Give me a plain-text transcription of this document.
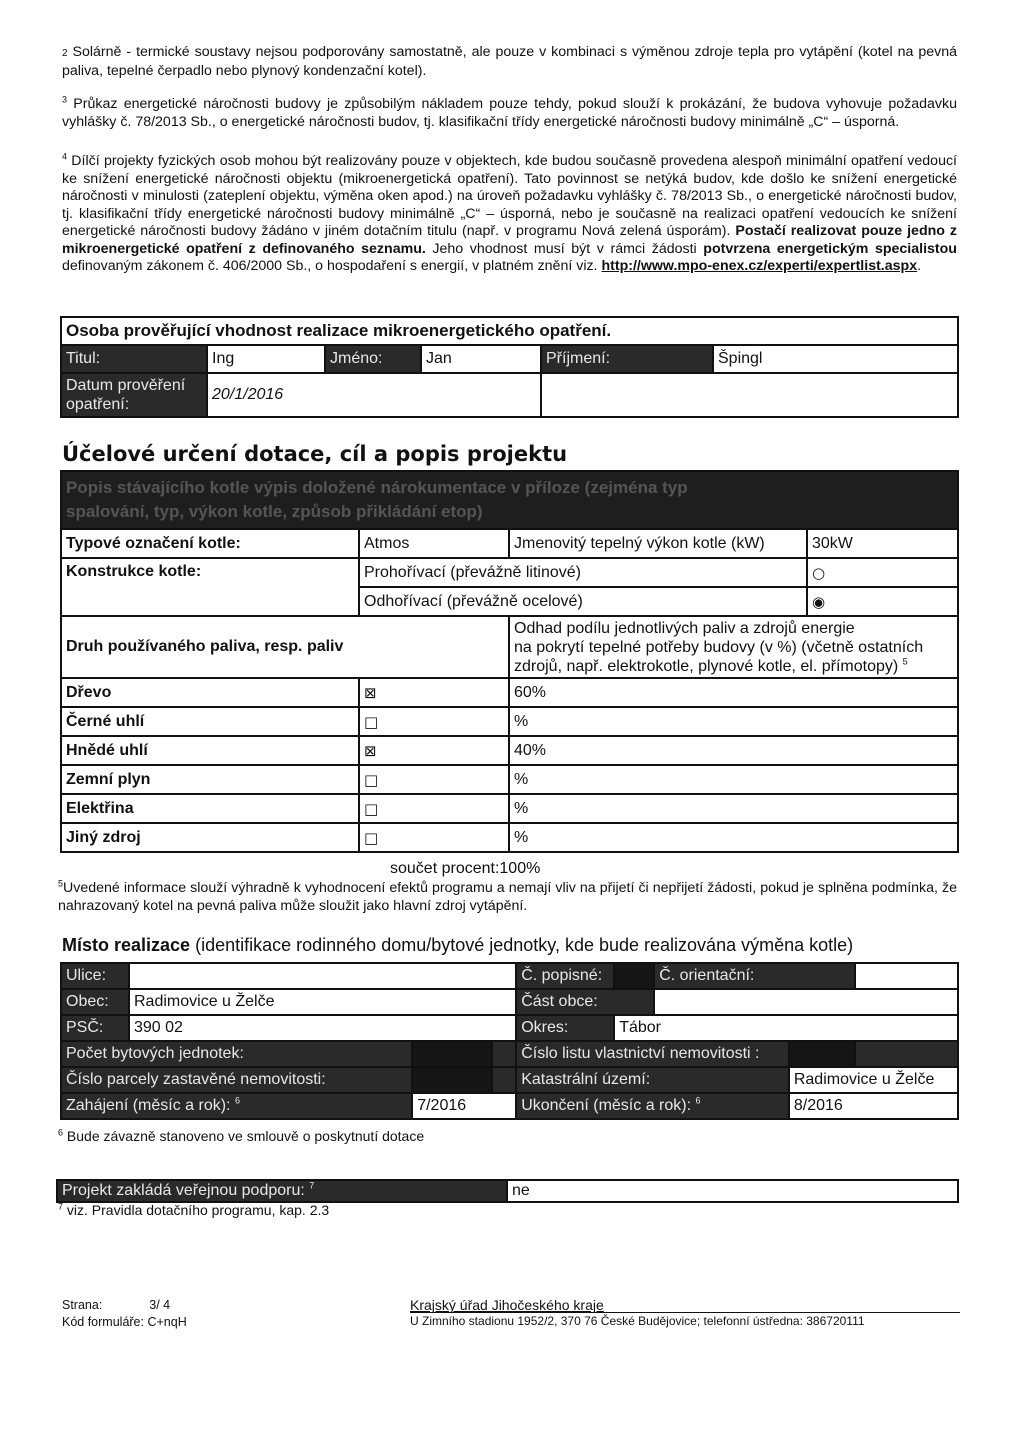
2 Solárně - termické soustavy nejsou podporovány samostatně, ale pouze v kombinaci s výměnou zdroje tepla pro vytápění (kotel na pevná paliva, tepelné čerpadlo nebo plynový kondenzační kotel).
$^3$ Průkaz energetické náročnosti budovy je způsobilým nákladem pouze tehdy, pokud slouží k prokázání, že budova vyhovuje požadavku vyhlášky č. 78/2013 Sb., o energetické náročnosti budov, tj. klasifikační třídy energetické náročnosti budovy minimálně „C“ – úsporná.
$^4$ Dílčí projekty fyzických osob mohou být realizovány pouze v objektech, kde budou současně provedena alespoň minimální opatření vedoucí ke snížení energetické náročnosti objektu (mikroenergetická opatření). Tato povinnost se netýká budov, kde došlo ke snížení energetické náročnosti v minulosti (zateplení objektu, výměna oken apod.) na úroveň požadavku vyhlášky č. 78/2013 Sb., o energetické náročnosti budov, tj. klasifikační třídy energetické náročnosti budovy minimálně „C“ – úsporná, nebo je současně na realizaci opatření vedoucích ke snížení energetické náročnosti budovy žádáno v jiném dotačním titulu (např. v programu Nová zelená úsporám). Postačí realizovat pouze jedno z mikroenergetické opatření z definovaného seznamu. Jeho vhodnost musí být v rámci žádosti potvrzena energetickým specialistou definovaným zákonem č. 406/2000 Sb., o hospodaření s energií, v platném znění viz. http://www.mpo-enex.cz/experti/expertlist.aspx.
Osoba prověřující vhodnost realizace mikroenergetického opatření.					
Titul:	Ing	Jméno:	Jan	Příjmení:	Špingl
Datum prověření
opatření:	20/1/2016				
Účelové určení dotace, cíl a popis projektu
Popis stávajícího kotle výpis doložené nárokumentace v příloze (zejména typ
spalování, typ, výkon kotle, způsob přikládání etop)			
Typové označení kotle:	Atmos	Jmenovitý tepelný výkon kotle (kW)	30kW
Konstrukce kotle:	Prohořívací (převážně litinové)		○
	Odhořívací (převážně ocelové)		◉
Druh používaného paliva, resp. paliv		Odhad podílu jednotlivých paliv a zdrojů energie
na pokrytí tepelné potřeby budovy (v %) (včetně ostatních
zdrojů, např. elektrokotle, plynové kotle, el. přímotopy) $^5$
Dřevo	⊠	60%	
Černé uhlí	□	%	
Hnědé uhlí	⊠	40%	
Zemní plyn	□	%	
Elektřina	□	%	
Jiný zdroj	□	%	
součet procent:100%
$^5$Uvedené informace slouží výhradně k vyhodnocení efektů programu a nemají vliv na přijetí či nepřijetí žádosti, pokud je splněna podmínka, že nahrazovaný kotel na pevná paliva může sloužit jako hlavní zdroj vytápění.
Místo realizace (identifikace rodinného domu/bytové jednotky, kde bude realizována výměna kotle)
Ulice:				Č. popisné:		Č. orientační:		
Obec:	Radimovice u Želče			Část obce:				
PSČ:	390 02			Okres:	Tábor			
Počet bytových jednotek:				Číslo listu vlastnictví nemovitosti :				
Číslo parcely zastavěné nemovitosti:				Katastrální území:			Radimovice u Želče	
Zahájení (měsíc a rok): $^6$		7/2016		Ukončení (měsíc a rok): $^6$			8/2016	
$^6$ Bude závazně stanoveno ve smlouvě o poskytnutí dotace
Projekt zakládá veřejnou podporu: $^7$	ne
$^7$ viz. Pravidla dotačního programu, kap. 2.3
Strana:	3/ 4
Kód formuláře: C+nqH
Krajský úřad Jihočeského kraje
U Zimního stadionu 1952/2, 370 76 České Budějovice; telefonní ústředna: 386720111
